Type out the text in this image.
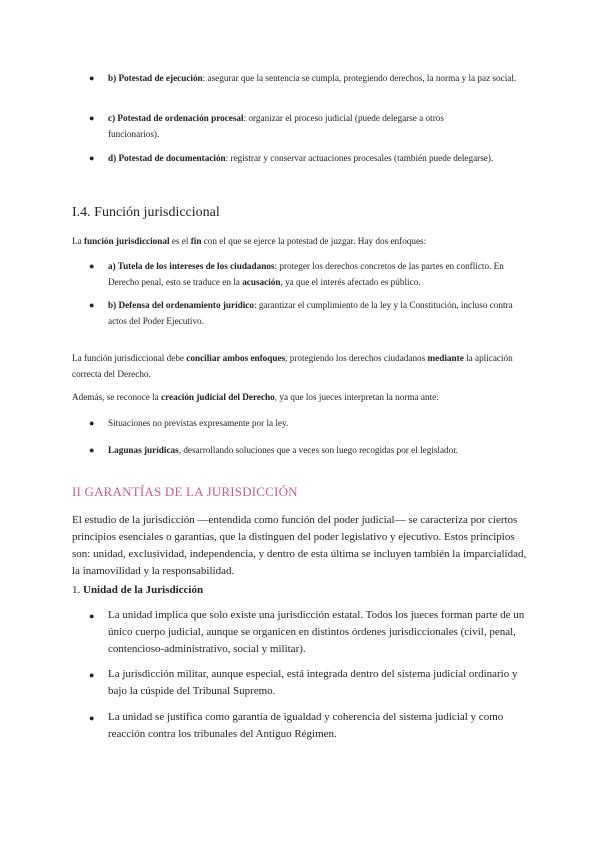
● b) Potestad de ejecución: asegurar que la sentencia se cumpla, protegiendo derechos, la norma y la paz social.
● c) Potestad de ordenación procesal: organizar el proceso judicial (puede delegarse a otros funcionarios).
● d) Potestad de documentación: registrar y conservar actuaciones procesales (también puede delegarse).
I.4. Función jurisdiccional
La función jurisdiccional es el fin con el que se ejerce la potestad de juzgar. Hay dos enfoques:
● a) Tutela de los intereses de los ciudadanos: proteger los derechos concretos de las partes en conflicto. En Derecho penal, esto se traduce en la acusación, ya que el interés afectado es público.
● b) Defensa del ordenamiento jurídico: garantizar el cumplimiento de la ley y la Constitución, incluso contra actos del Poder Ejecutivo.
La función jurisdiccional debe conciliar ambos enfoques, protegiendo los derechos ciudadanos mediante la aplicación correcta del Derecho.
Además, se reconoce la creación judicial del Derecho, ya que los jueces interpretan la norma ante:
● Situaciones no previstas expresamente por la ley.
● Lagunas jurídicas, desarrollando soluciones que a veces son luego recogidas por el legislador.
II GARANTÍAS DE LA JURISDICCIÓN
El estudio de la jurisdicción —entendida como función del poder judicial— se caracteriza por ciertos principios esenciales o garantías, que la distinguen del poder legislativo y ejecutivo. Estos principios son: unidad, exclusividad, independencia, y dentro de esta última se incluyen también la imparcialidad, la inamovilidad y la responsabilidad.
1. Unidad de la Jurisdicción
● La unidad implica que solo existe una jurisdicción estatal. Todos los jueces forman parte de un único cuerpo judicial, aunque se organicen en distintos órdenes jurisdiccionales (civil, penal, contencioso-administrativo, social y militar).
● La jurisdicción militar, aunque especial, está integrada dentro del sistema judicial ordinario y bajo la cúspide del Tribunal Supremo.
● La unidad se justifica como garantía de igualdad y coherencia del sistema judicial y como reacción contra los tribunales del Antiguo Régimen.
